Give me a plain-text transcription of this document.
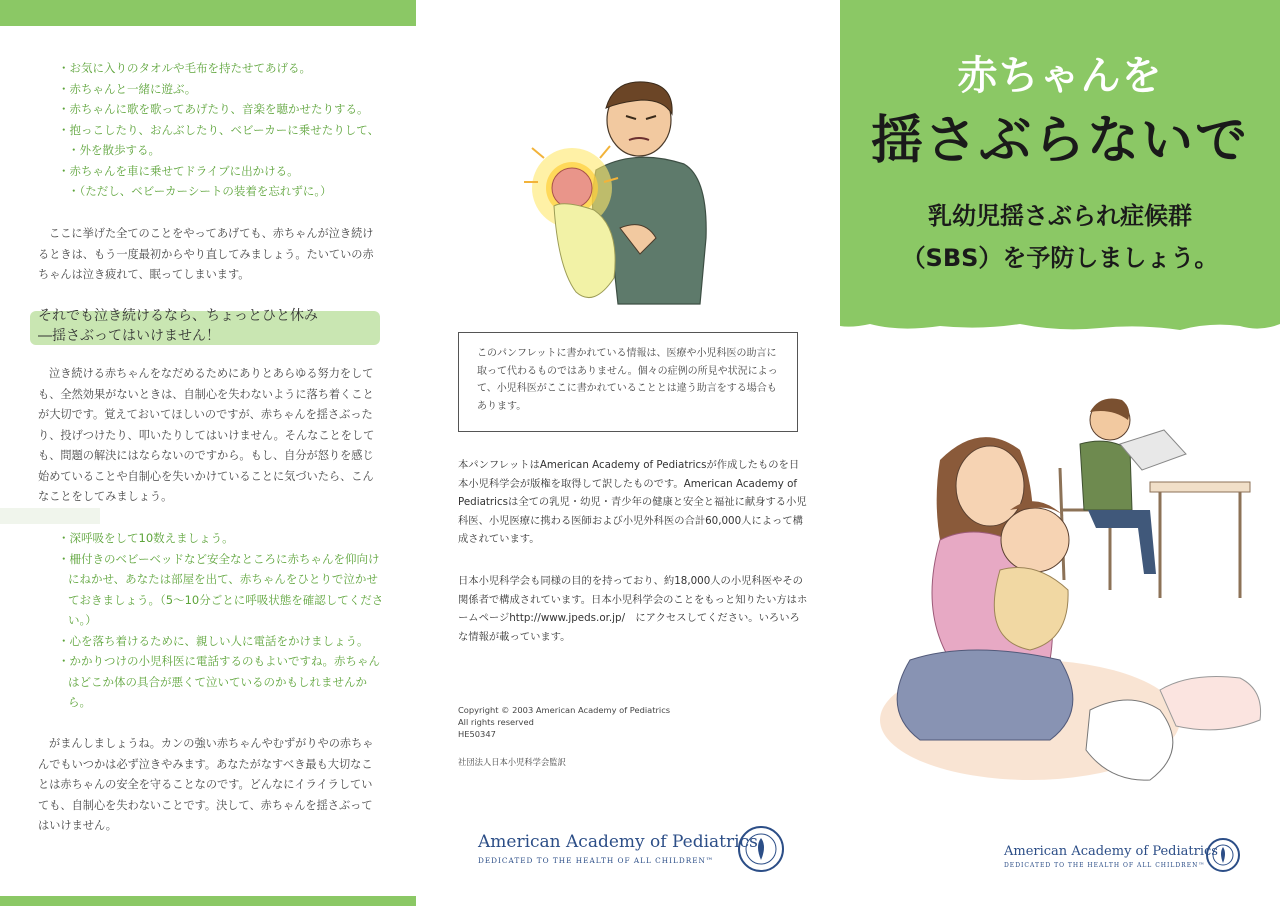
・ お気に入りのタオルや毛布を持たせてあげる。
・ 赤ちゃんと一緒に遊ぶ。
・ 赤ちゃんに歌を歌ってあげたり、音楽を聴かせたりする。
・ 抱っこしたり、おんぶしたり、ベビーカーに乗せたりして、
・ 外を散歩する。
・ 赤ちゃんを車に乗せてドライブに出かける。
・ （ただし、ベビーカーシートの装着を忘れずに。）

ここに挙げた全てのことをやってあげても、赤ちゃんが泣き続けるときは、もう一度最初からやり直してみましょう。たいていの赤ちゃんは泣き疲れて、眠ってしまいます。

それでも泣き続けるなら、ちょっとひと休み
―揺さぶってはいけません！

泣き続ける赤ちゃんをなだめるためにありとあらゆる努力をしても、全然効果がないときは、自制心を失わないように落ち着くことが大切です。覚えておいてほしいのですが、赤ちゃんを揺さぶったり、投げつけたり、叩いたりしてはいけません。そんなことをしても、問題の解決にはならないのですから。もし、自分が怒りを感じ始めていることや自制心を失いかけていることに気づいたら、こんなことをしてみましょう。

・ 深呼吸をして10数えましょう。
・ 柵付きのベビーベッドなど安全なところに赤ちゃんを仰向けにねかせ、あなたは部屋を出て、赤ちゃんをひとりで泣かせておきましょう。（5～10分ごとに呼吸状態を確認してください。）
・ 心を落ち着けるために、親しい人に電話をかけましょう。
・ かかりつけの小児科医に電話するのもよいですね。赤ちゃんはどこか体の具合が悪くて泣いているのかもしれませんから。

がまんしましょうね。カンの強い赤ちゃんやむずがりやの赤ちゃんでもいつかは必ず泣きやみます。あなたがなすべき最も大切なことは赤ちゃんの安全を守ることなのです。どんなにイライラしていても、自制心を失わないことです。決して、赤ちゃんを揺さぶってはいけません。

このパンフレットに書かれている情報は、医療や小児科医の助言に取って代わるものではありません。個々の症例の所見や状況によって、小児科医がここに書かれていることとは違う助言をする場合もあります。

本パンフレットはAmerican Academy of Pediatricsが作成したものを日本小児科学会が版権を取得して訳したものです。American Academy of Pediatricsは全ての乳児・幼児・青少年の健康と安全と福祉に献身する小児科医、小児医療に携わる医師および小児外科医の合計60,000人によって構成されています。

日本小児科学会も同様の目的を持っており、約18,000人の小児科医やその関係者で構成されています。日本小児科学会のことをもっと知りたい方はホームページhttp://www.jpeds.or.jp/　にアクセスしてください。いろいろな情報が載っています。

Copyright © 2003 American Academy of Pediatrics
All rights reserved
HE50347
社団法人日本小児科学会監訳
American Academy of Pediatrics
DEDICATED TO THE HEALTH OF ALL CHILDREN™
赤ちゃんを
揺さぶらないで
乳幼児揺さぶられ症候群
（SBS）を予防しましょう。
American Academy of Pediatrics
DEDICATED TO THE HEALTH OF ALL CHILDREN™
